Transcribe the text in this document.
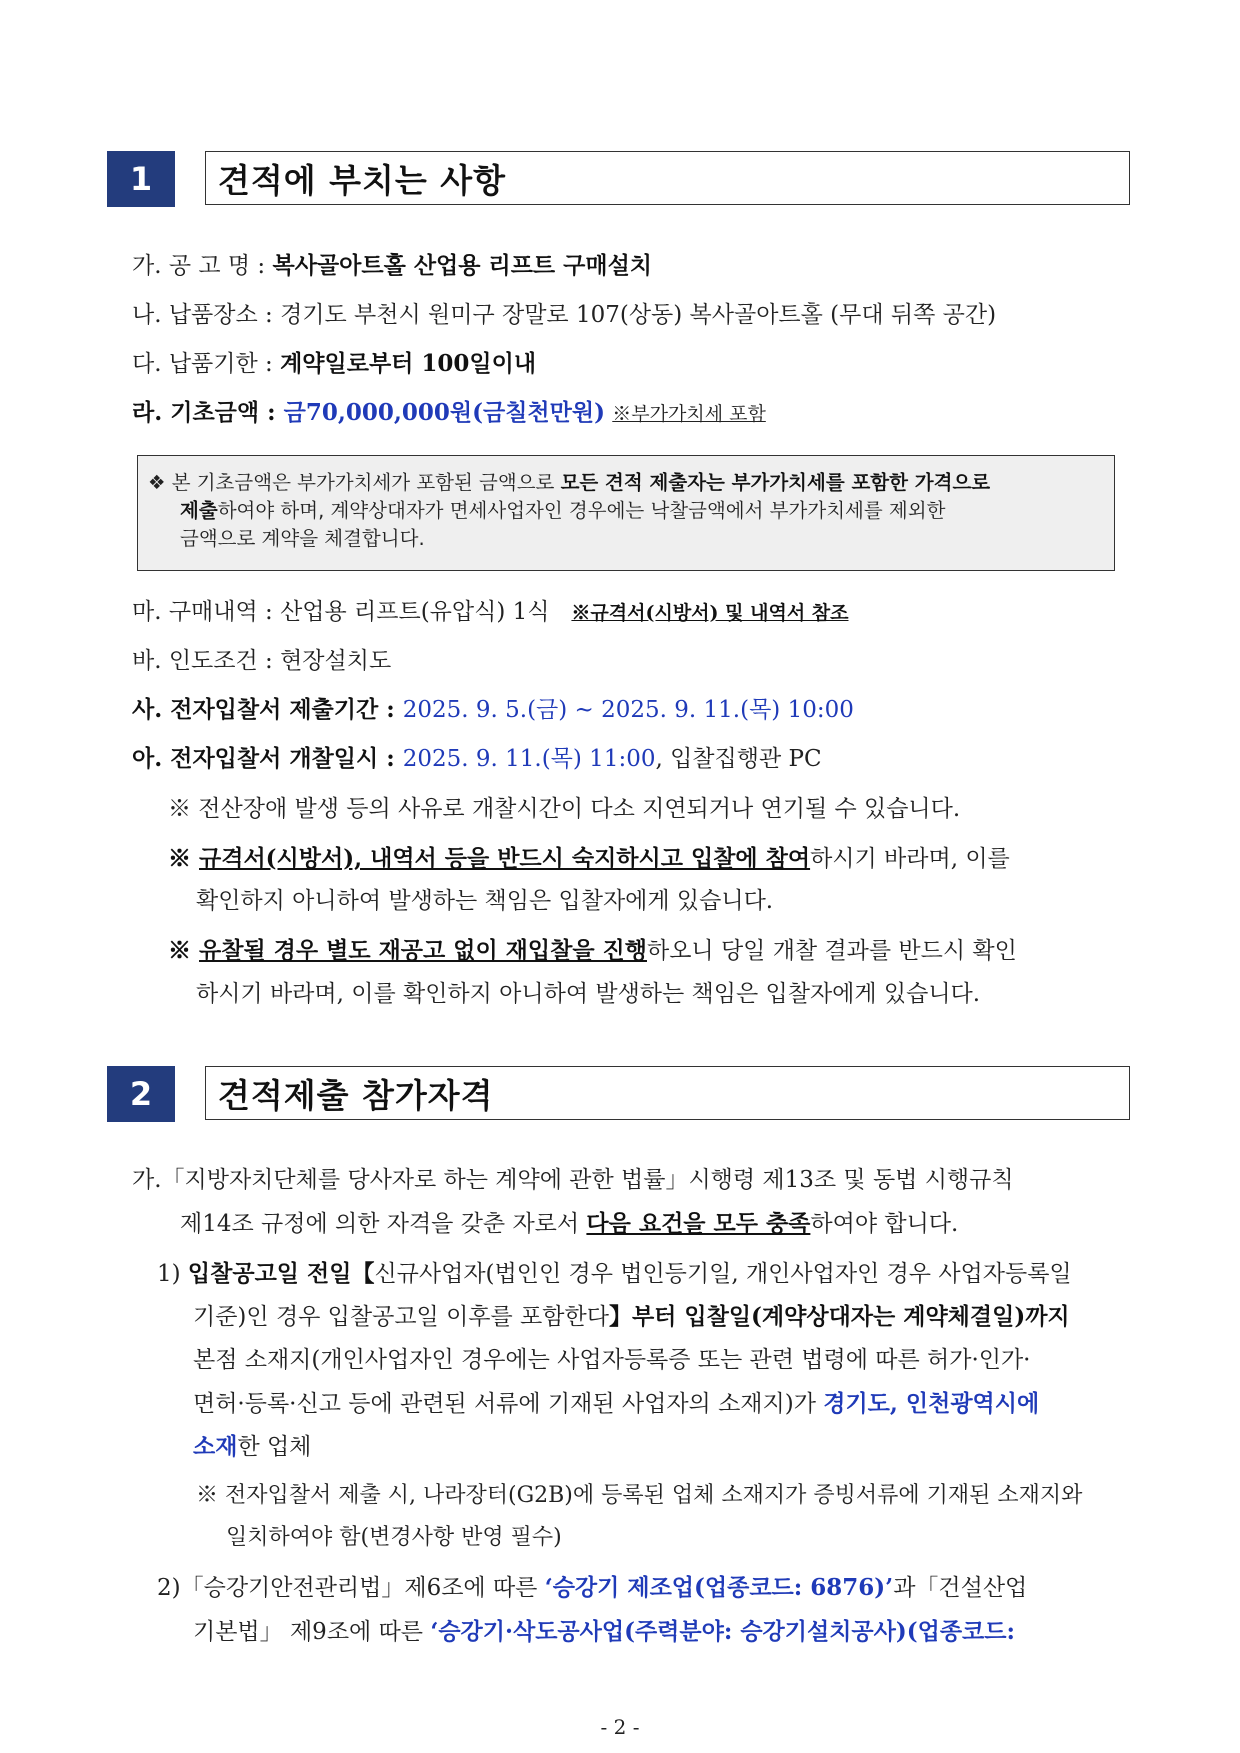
1	견적에 부치는 사항
가. 공 고 명 : 복사골아트홀 산업용 리프트 구매설치
나. 납품장소 : 경기도 부천시 원미구 장말로 107(상동) 복사골아트홀 (무대 뒤쪽 공간)
다. 납품기한 : 계약일로부터 100일이내
라. 기초금액 : 금70,000,000원(금칠천만원) ※부가가치세 포함
❖ 본 기초금액은 부가가치세가 포함된 금액으로 모든 견적 제출자는 부가가치세를 포함한 가격으로
제출하여야 하며, 계약상대자가 면세사업자인 경우에는 낙찰금액에서 부가가치세를 제외한
금액으로 계약을 체결합니다.
마. 구매내역 : 산업용 리프트(유압식) 1식 ※규격서(시방서) 및 내역서 참조
바. 인도조건 : 현장설치도
사. 전자입찰서 제출기간 : 2025. 9. 5.(금) ~ 2025. 9. 11.(목) 10:00
아. 전자입찰서 개찰일시 : 2025. 9. 11.(목) 11:00, 입찰집행관 PC
※ 전산장애 발생 등의 사유로 개찰시간이 다소 지연되거나 연기될 수 있습니다.
※ 규격서(시방서), 내역서 등을 반드시 숙지하시고 입찰에 참여하시기 바라며, 이를
확인하지 아니하여 발생하는 책임은 입찰자에게 있습니다.
※ 유찰될 경우 별도 재공고 없이 재입찰을 진행하오니 당일 개찰 결과를 반드시 확인
하시기 바라며, 이를 확인하지 아니하여 발생하는 책임은 입찰자에게 있습니다.
2	견적제출 참가자격
가.「지방자치단체를 당사자로 하는 계약에 관한 법률」시행령 제13조 및 동법 시행규칙
제14조 규정에 의한 자격을 갖춘 자로서 다음 요건을 모두 충족하여야 합니다.
1) 입찰공고일 전일【신규사업자(법인인 경우 법인등기일, 개인사업자인 경우 사업자등록일
기준)인 경우 입찰공고일 이후를 포함한다】부터 입찰일(계약상대자는 계약체결일)까지
본점 소재지(개인사업자인 경우에는 사업자등록증 또는 관련 법령에 따른 허가·인가·
면허·등록·신고 등에 관련된 서류에 기재된 사업자의 소재지)가 경기도, 인천광역시에
소재한 업체
※ 전자입찰서 제출 시, 나라장터(G2B)에 등록된 업체 소재지가 증빙서류에 기재된 소재지와
일치하여야 함(변경사항 반영 필수)
2)「승강기안전관리법」제6조에 따른 ‘승강기 제조업(업종코드: 6876)’과「건설산업
기본법」 제9조에 따른 ‘승강기·삭도공사업(주력분야: 승강기설치공사)(업종코드:
- 2 -
